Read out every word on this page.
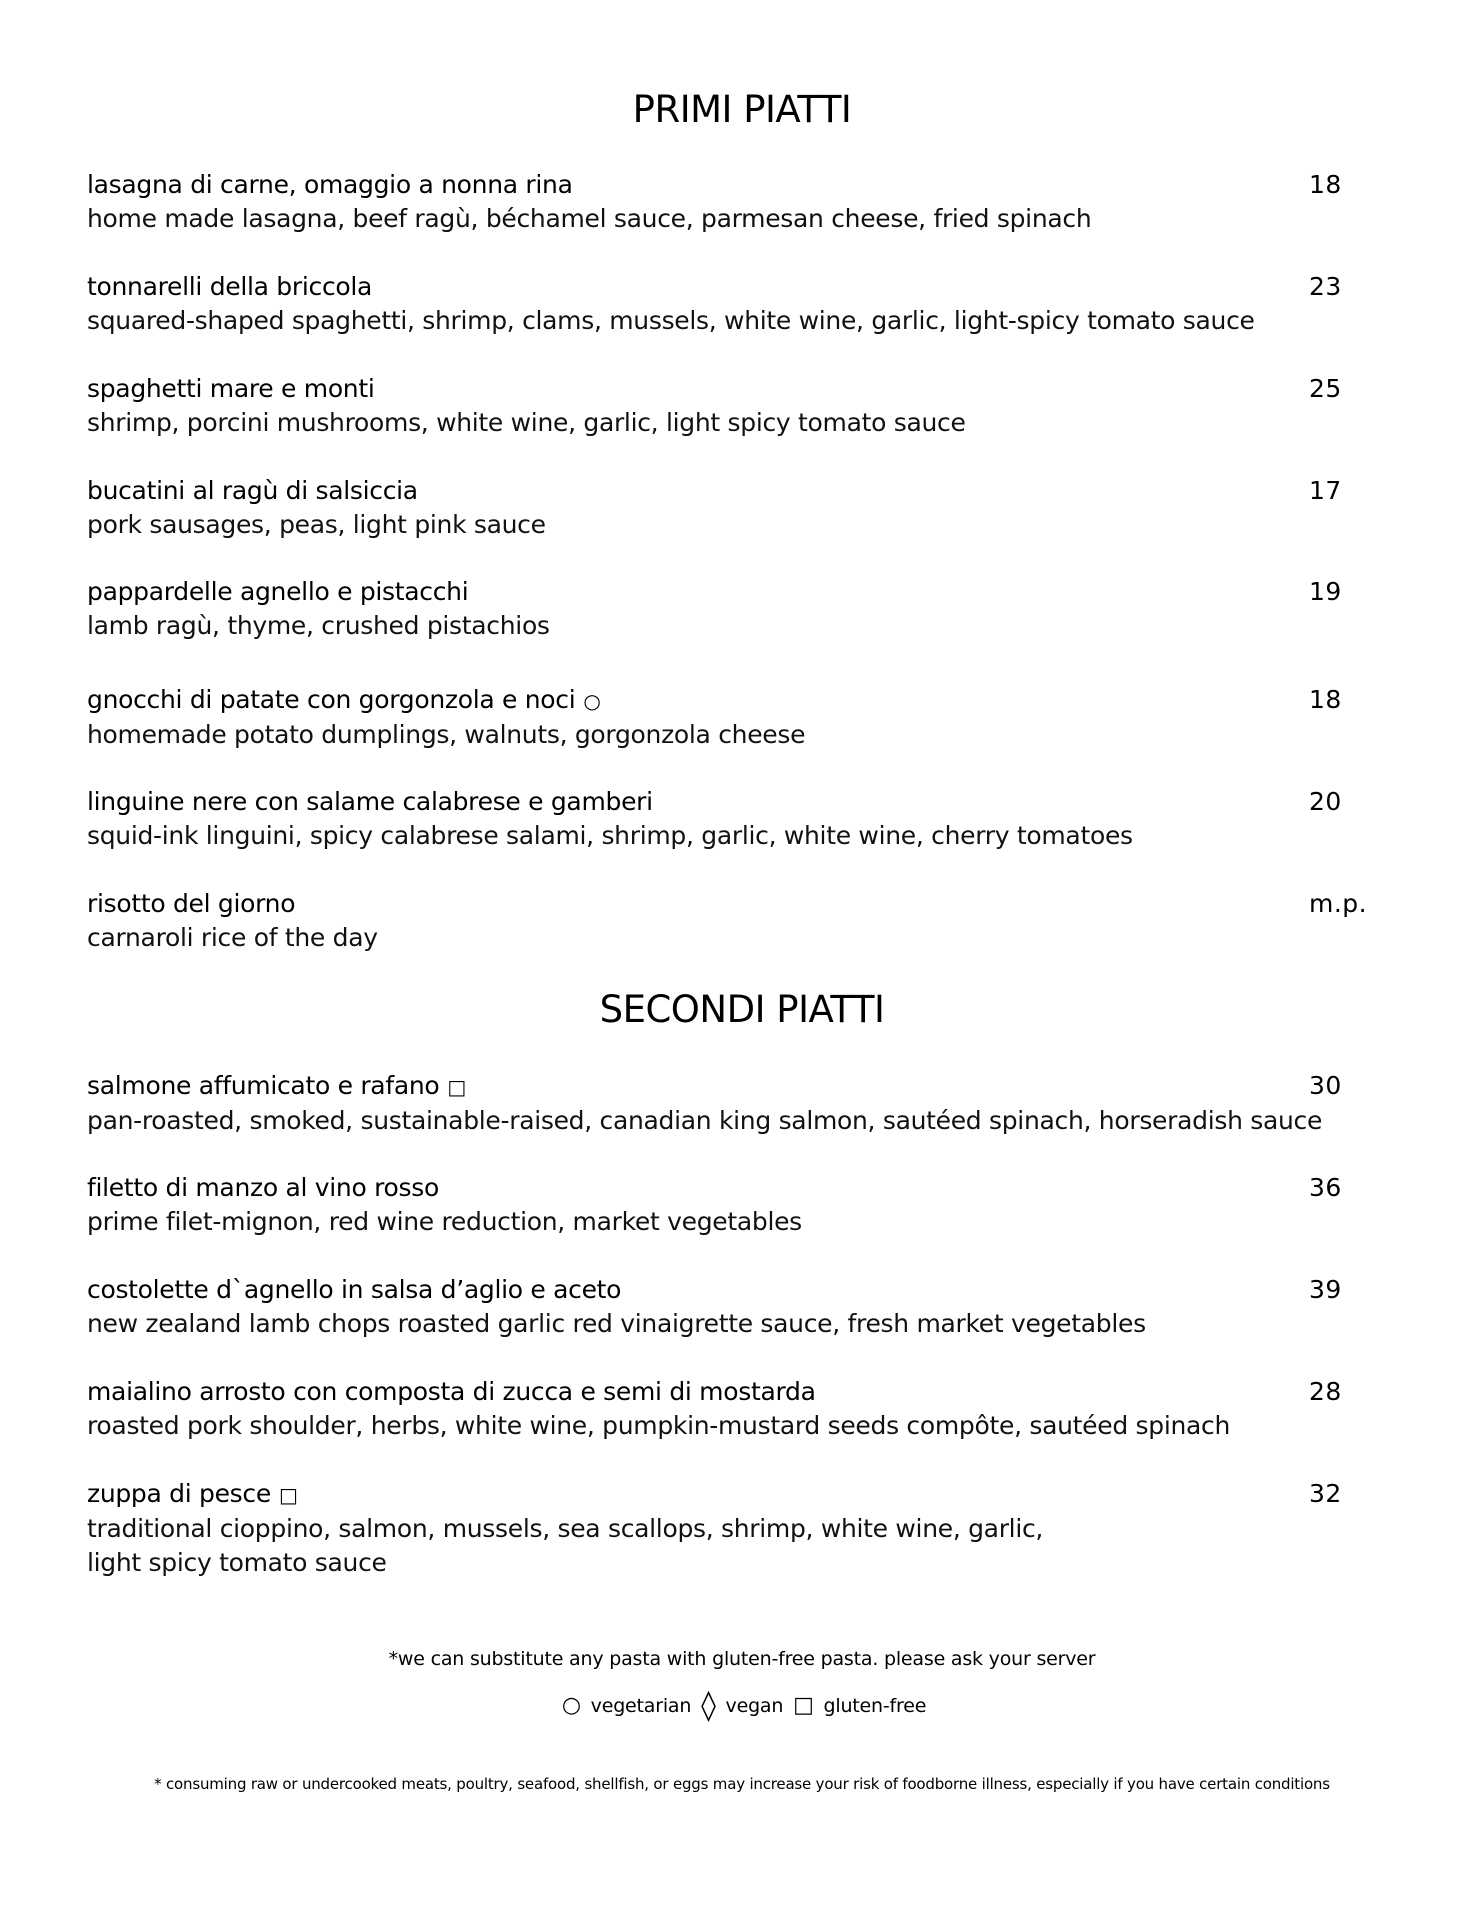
PRIMI PIATTI
lasagna di carne, omaggio a nonna rina
home made lasagna, beef ragù, béchamel sauce, parmesan cheese, fried spinach
18
tonnarelli della briccola
squared-shaped spaghetti, shrimp, clams, mussels, white wine, garlic, light-spicy tomato sauce
23
spaghetti mare e monti
shrimp, porcini mushrooms, white wine, garlic, light spicy tomato sauce
25
bucatini al ragù di salsiccia
pork sausages, peas, light pink sauce
17
pappardelle agnello e pistacchi
lamb ragù, thyme, crushed pistachios
19
gnocchi di patate con gorgonzola e noci ○
homemade potato dumplings, walnuts, gorgonzola cheese
18
linguine nere con salame calabrese e gamberi
squid-ink linguini, spicy calabrese salami, shrimp, garlic, white wine, cherry tomatoes
20
risotto del giorno
carnaroli rice of the day
m.p.
SECONDI PIATTI
salmone affumicato e rafano □
pan-roasted, smoked, sustainable-raised, canadian king salmon, sautéed spinach, horseradish sauce
30
filetto di manzo al vino rosso
prime filet-mignon, red wine reduction, market vegetables
36
costolette d`agnello in salsa d’aglio e aceto
new zealand lamb chops roasted garlic red vinaigrette sauce, fresh market vegetables
39
maialino arrosto con composta di zucca e semi di mostarda
roasted pork shoulder, herbs, white wine, pumpkin-mustard seeds compôte, sautéed spinach
28
zuppa di pesce □
traditional cioppino, salmon, mussels, sea scallops, shrimp, white wine, garlic,
light spicy tomato sauce
32
*we can substitute any pasta with gluten-free pasta. please ask your server
○ vegetarian ◊ vegan □ gluten-free
* consuming raw or undercooked meats, poultry, seafood, shellfish, or eggs may increase your risk of foodborne illness, especially if you have certain conditions
